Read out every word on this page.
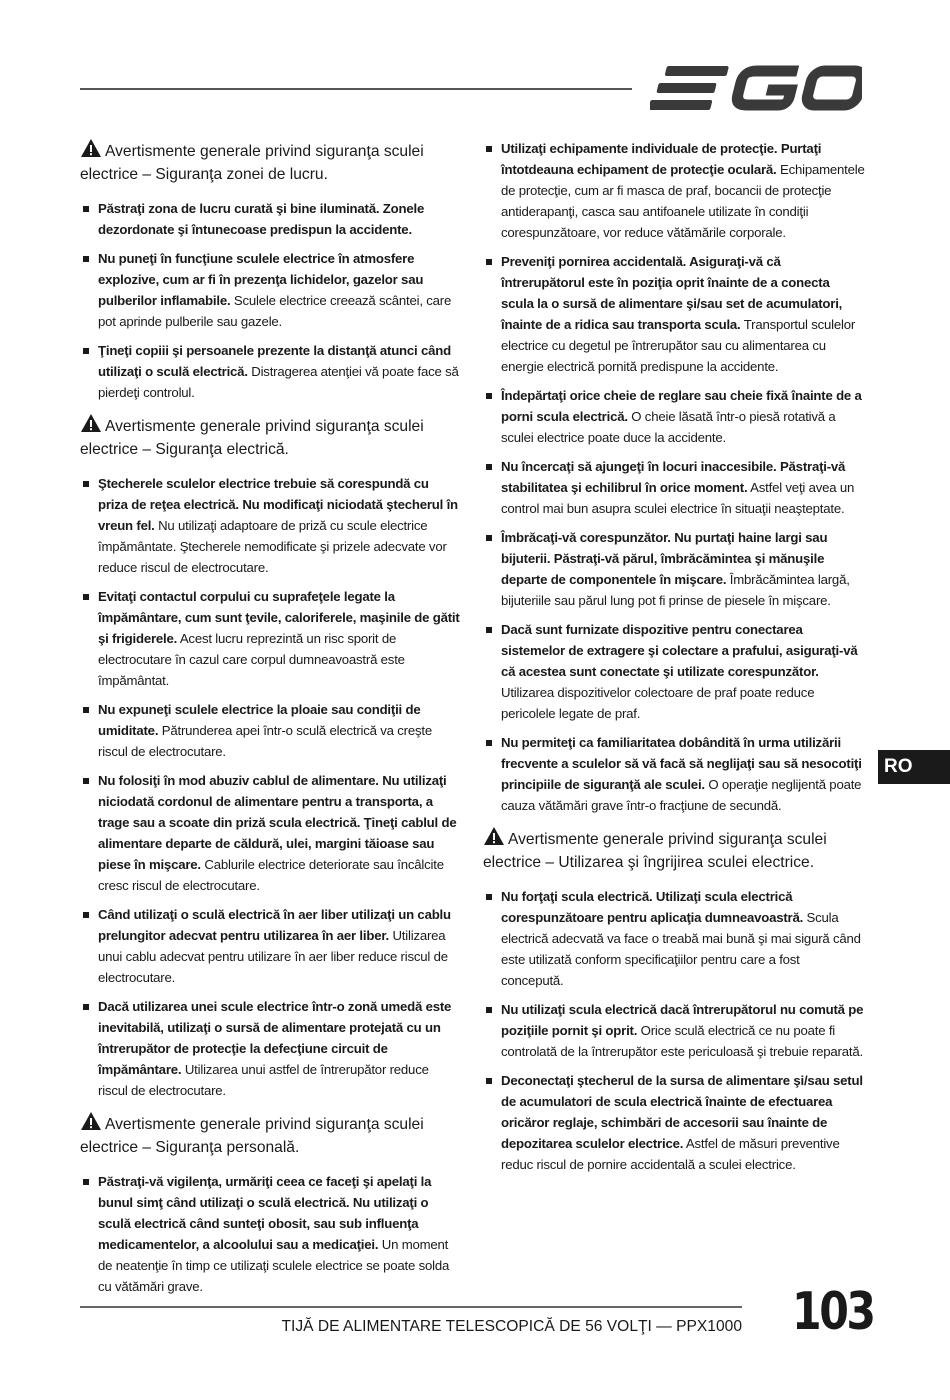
Avertismente generale privind siguranţa sculei electrice – Siguranţa zonei de lucru.
Păstraţi zona de lucru curată şi bine iluminată. Zonele dezordonate şi întunecoase predispun la accidente.
Nu puneţi în funcţiune sculele electrice în atmosfere explozive, cum ar fi în prezenţa lichidelor, gazelor sau pulberilor inflamabile. Sculele electrice creează scântei, care pot aprinde pulberile sau gazele.
Ţineţi copiii şi persoanele prezente la distanţă atunci când utilizaţi o sculă electrică. Distragerea atenţiei vă poate face să pierdeţi controlul.
Avertismente generale privind siguranţa sculei electrice – Siguranţa electrică.
Ştecherele sculelor electrice trebuie să corespundă cu priza de reţea electrică. Nu modificaţi niciodată ştecherul în vreun fel. Nu utilizaţi adaptoare de priză cu scule electrice împământate. Ştecherele nemodificate şi prizele adecvate vor reduce riscul de electrocutare.
Evitaţi contactul corpului cu suprafeţele legate la împământare, cum sunt ţevile, caloriferele, maşinile de gătit şi frigiderele. Acest lucru reprezintă un risc sporit de electrocutare în cazul care corpul dumneavoastră este împământat.
Nu expuneţi sculele electrice la ploaie sau condiţii de umiditate. Pătrunderea apei într-o sculă electrică va creşte riscul de electrocutare.
Nu folosiţi în mod abuziv cablul de alimentare. Nu utilizaţi niciodată cordonul de alimentare pentru a transporta, a trage sau a scoate din priză scula electrică. Ţineţi cablul de alimentare departe de căldură, ulei, margini tăioase sau piese în mişcare. Cablurile electrice deteriorate sau încâlcite cresc riscul de electrocutare.
Când utilizaţi o sculă electrică în aer liber utilizaţi un cablu prelungitor adecvat pentru utilizarea în aer liber. Utilizarea unui cablu adecvat pentru utilizare în aer liber reduce riscul de electrocutare.
Dacă utilizarea unei scule electrice într-o zonă umedă este inevitabilă, utilizaţi o sursă de alimentare protejată cu un întrerupător de protecţie la defecţiune circuit de împământare. Utilizarea unui astfel de întrerupător reduce riscul de electrocutare.
Avertismente generale privind siguranţa sculei electrice – Siguranţa personală.
Păstraţi-vă vigilenţa, urmăriţi ceea ce faceţi şi apelaţi la bunul simţ când utilizaţi o sculă electrică. Nu utilizaţi o sculă electrică când sunteţi obosit, sau sub influenţa medicamentelor, a alcoolului sau a medicaţiei. Un moment de neatenţie în timp ce utilizaţi sculele electrice se poate solda cu vătămări grave.
Utilizaţi echipamente individuale de protecţie. Purtaţi întotdeauna echipament de protecţie oculară. Echipamentele de protecţie, cum ar fi masca de praf, bocancii de protecţie antiderapanţi, casca sau antifoanele utilizate în condiţii corespunzătoare, vor reduce vătămările corporale.
Preveniţi pornirea accidentală. Asiguraţi-vă că întrerupătorul este în poziţia oprit înainte de a conecta scula la o sursă de alimentare şi/sau set de acumulatori, înainte de a ridica sau transporta scula. Transportul sculelor electrice cu degetul pe întrerupător sau cu alimentarea cu energie electrică pornită predispune la accidente.
Îndepărtaţi orice cheie de reglare sau cheie fixă înainte de a porni scula electrică. O cheie lăsată într-o piesă rotativă a sculei electrice poate duce la accidente.
Nu încercaţi să ajungeţi în locuri inaccesibile. Păstraţi-vă stabilitatea şi echilibrul în orice moment. Astfel veţi avea un control mai bun asupra sculei electrice în situaţii neaşteptate.
Îmbrăcaţi-vă corespunzător. Nu purtaţi haine largi sau bijuterii. Păstraţi-vă părul, îmbrăcămintea şi mănuşile departe de componentele în mişcare. Îmbrăcămintea largă, bijuteriile sau părul lung pot fi prinse de piesele în mişcare.
Dacă sunt furnizate dispozitive pentru conectarea sistemelor de extragere şi colectare a prafului, asiguraţi-vă că acestea sunt conectate şi utilizate corespunzător. Utilizarea dispozitivelor colectoare de praf poate reduce pericolele legate de praf.
Nu permiteţi ca familiaritatea dobândită în urma utilizării frecvente a sculelor să vă facă să neglijaţi sau să nesocotiţi principiile de siguranţă ale sculei. O operaţie neglijentă poate cauza vătămări grave într-o fracţiune de secundă.
Avertismente generale privind siguranţa sculei electrice – Utilizarea şi îngrijirea sculei electrice.
Nu forţaţi scula electrică. Utilizaţi scula electrică corespunzătoare pentru aplicaţia dumneavoastră. Scula electrică adecvată va face o treabă mai bună şi mai sigură când este utilizată conform specificaţiilor pentru care a fost concepută.
Nu utilizaţi scula electrică dacă întrerupătorul nu comută pe poziţiile pornit şi oprit. Orice sculă electrică ce nu poate fi controlată de la întrerupător este periculoasă şi trebuie reparată.
Deconectaţi ştecherul de la sursa de alimentare şi/sau setul de acumulatori de scula electrică înainte de efectuarea oricăror reglaje, schimbări de accesorii sau înainte de depozitarea sculelor electrice. Astfel de măsuri preventive reduc riscul de pornire accidentală a sculei electrice.
RO
TIJĂ DE ALIMENTARE TELESCOPICĂ DE 56 VOLŢI — PPX1000 103
